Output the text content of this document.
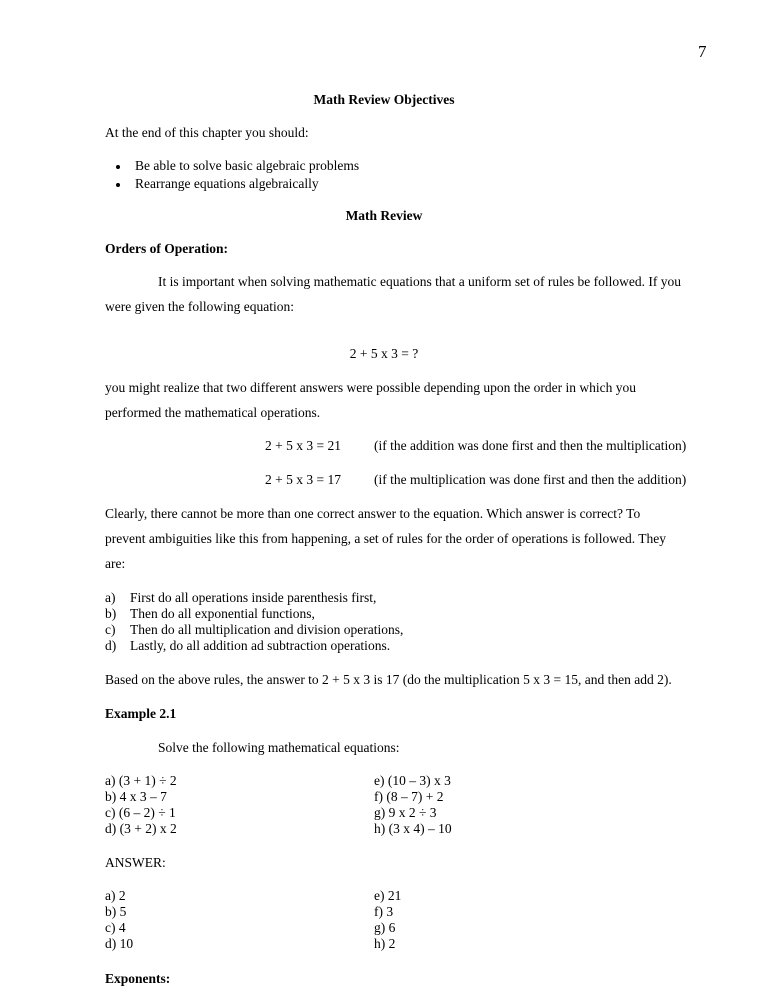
7
Math Review Objectives
At the end of this chapter you should:
Be able to solve basic algebraic problems
Rearrange equations algebraically
Math Review
Orders of Operation:
It is important when solving mathematic equations that a uniform set of rules be followed. If you
were given the following equation:
2 + 5 x 3 = ?
you might realize that two different answers were possible depending upon the order in which you
performed the mathematical operations.
2 + 5 x 3 = 21 (if the addition was done first and then the multiplication)
2 + 5 x 3 = 17 (if the multiplication was done first and then the addition)
Clearly, there cannot be more than one correct answer to the equation. Which answer is correct? To
prevent ambiguities like this from happening, a set of rules for the order of operations is followed. They
are:
a) First do all operations inside parenthesis first,
b) Then do all exponential functions,
c) Then do all multiplication and division operations,
d) Lastly, do all addition ad subtraction operations.
Based on the above rules, the answer to 2 + 5 x 3 is 17 (do the multiplication 5 x 3 = 15, and then add 2).
Example 2.1
Solve the following mathematical equations:
a) (3 + 1) ÷ 2
b) 4 x 3 – 7
c) (6 – 2) ÷ 1
d) (3 + 2) x 2
e) (10 – 3) x 3
f) (8 – 7) + 2
g) 9 x 2 ÷ 3
h) (3 x 4) – 10
ANSWER:
a) 2
b) 5
c) 4
d) 10
e) 21
f) 3
g) 6
h) 2
Exponents:
